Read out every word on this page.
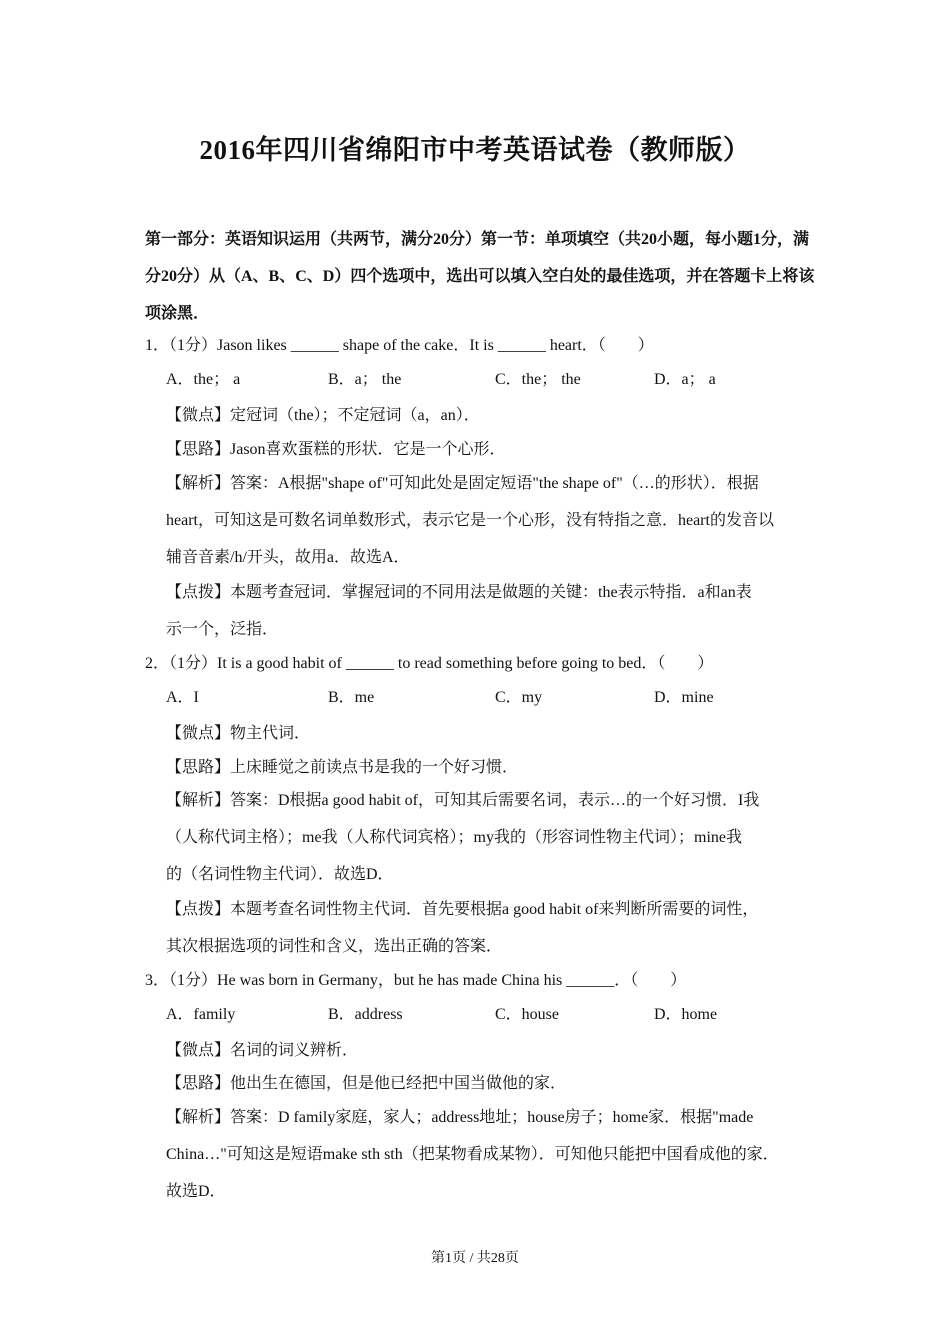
2016年四川省绵阳市中考英语试卷（教师版）
第一部分：英语知识运用（共两节，满分20分）第一节：单项填空（共20小题，每小题1分，满分20分）从（A、B、C、D）四个选项中，选出可以填入空白处的最佳选项，并在答题卡上将该项涂黑．
1．（1分）Jason likes ______ shape of the cake．It is ______ heart．（　　）
A．the； a	B．a； the	C．the； the	D．a； a
【微点】定冠词（the）；不定冠词（a，an）．
【思路】Jason喜欢蛋糕的形状．它是一个心形．
【解析】答案：A根据"shape of"可知此处是固定短语"the shape of"（…的形状）．根据
heart，可知这是可数名词单数形式，表示它是一个心形，没有特指之意．heart的发音以
辅音音素/h/开头，故用a．故选A．
【点拨】本题考查冠词．掌握冠词的不同用法是做题的关键：the表示特指．a和an表
示一个，泛指．
2．（1分）It is a good habit of ______ to read something before going to bed．（　　）
A．I	B．me	C．my	D．mine
【微点】物主代词．
【思路】上床睡觉之前读点书是我的一个好习惯．
【解析】答案：D根据a good habit of，可知其后需要名词，表示…的一个好习惯．I我
（人称代词主格）；me我（人称代词宾格）；my我的（形容词性物主代词）；mine我
的（名词性物主代词）．故选D．
【点拨】本题考查名词性物主代词．首先要根据a good habit of来判断所需要的词性，
其次根据选项的词性和含义，选出正确的答案．
3．（1分）He was born in Germany，but he has made China his ______．（　　）
A．family	B．address	C．house	D．home
【微点】名词的词义辨析．
【思路】他出生在德国，但是他已经把中国当做他的家．
【解析】答案：D family家庭，家人；address地址；house房子；home家．根据"made
China…"可知这是短语make sth sth（把某物看成某物）．可知他只能把中国看成他的家．
故选D．
第1页 / 共28页
